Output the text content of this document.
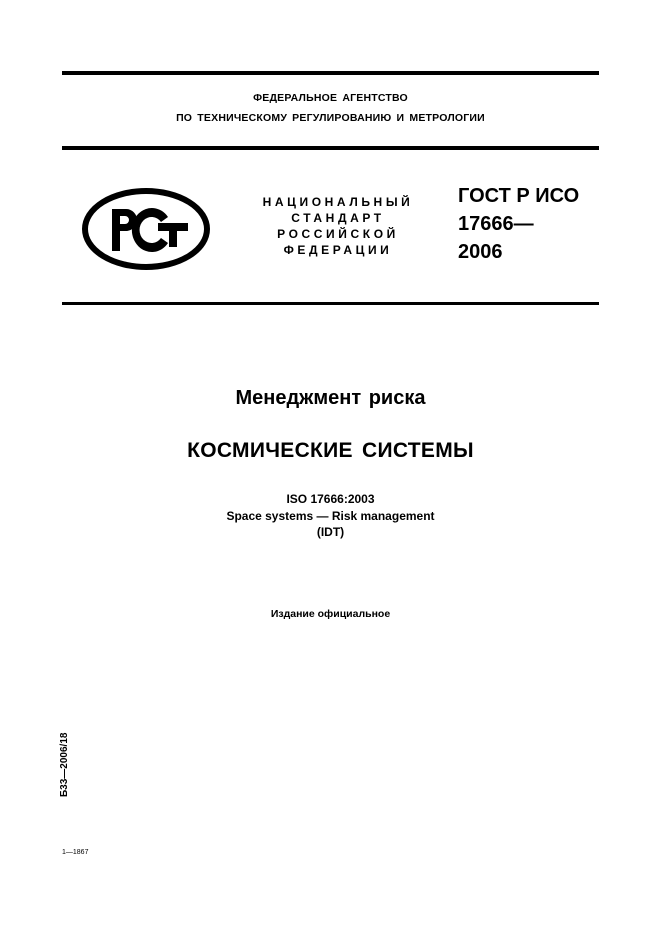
ФЕДЕРАЛЬНОЕ АГЕНТСТВО
ПО ТЕХНИЧЕСКОМУ РЕГУЛИРОВАНИЮ И МЕТРОЛОГИИ
НАЦИОНАЛЬНЫЙ
СТАНДАРТ
РОССИЙСКОЙ
ФЕДЕРАЦИИ
ГОСТ Р ИСО
17666—
2006
Менеджмент риска
КОСМИЧЕСКИЕ СИСТЕМЫ
ISO 17666:2003
Space systems — Risk management
(IDT)
Издание официальное
Б33—2006/18
1—1867
